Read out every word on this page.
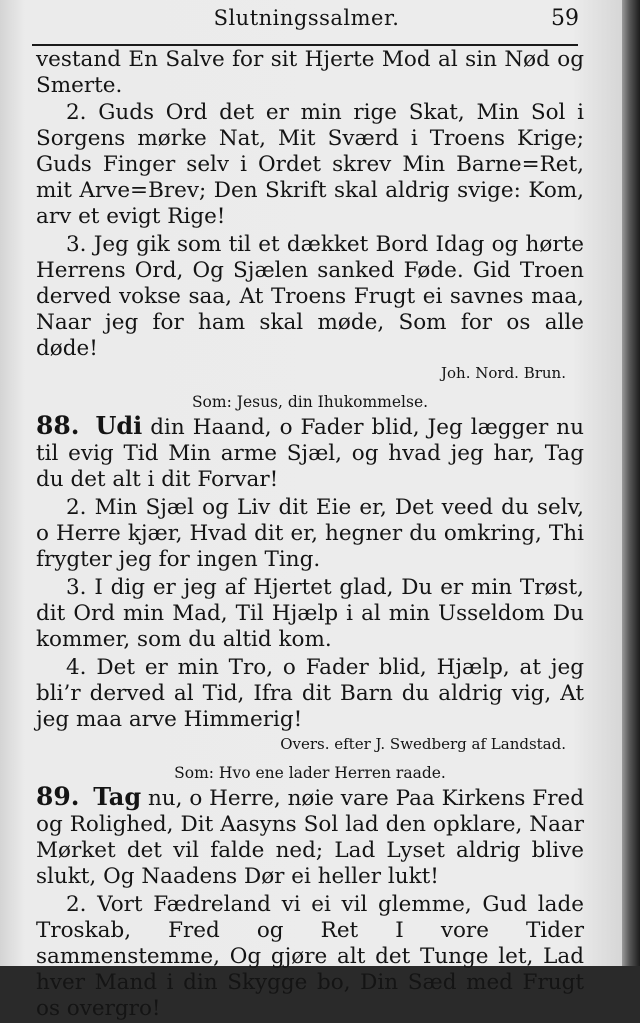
Slutningssalmer.	59

vestand En Salve for sit Hjerte Mod al sin Nød og Smerte.

2. Guds Ord det er min rige Skat, Min Sol i Sorgens mørke Nat, Mit Sværd i Troens Krige; Guds Finger selv i Ordet skrev Min Barne=Ret, mit Arve=Brev; Den Skrift skal aldrig svige: Kom, arv et evigt Rige!

3. Jeg gik som til et dækket Bord Idag og hørte Herrens Ord, Og Sjælen sanked Føde. Gid Troen derved vokse saa, At Troens Frugt ei savnes maa, Naar jeg for ham skal møde, Som for os alle døde!

Joh. Nord. Brun.
Som: Jesus, din Ihukommelse.

88. Udi din Haand, o Fader blid, Jeg lægger nu til evig Tid Min arme Sjæl, og hvad jeg har, Tag du det alt i dit Forvar!

2. Min Sjæl og Liv dit Eie er, Det veed du selv, o Herre kjær, Hvad dit er, hegner du omkring, Thi frygter jeg for ingen Ting.

3. I dig er jeg af Hjertet glad, Du er min Trøst, dit Ord min Mad, Til Hjælp i al min Usseldom Du kommer, som du altid kom.

4. Det er min Tro, o Fader blid, Hjælp, at jeg bli’r derved al Tid, Ifra dit Barn du aldrig vig, At jeg maa arve Himmerig!

Overs. efter J. Swedberg af Landstad.
Som: Hvo ene lader Herren raade.

89. Tag nu, o Herre, nøie vare Paa Kirkens Fred og Rolighed, Dit Aasyns Sol lad den opklare, Naar Mørket det vil falde ned; Lad Lyset aldrig blive slukt, Og Naadens Dør ei heller lukt!

2. Vort Fædreland vi ei vil glemme, Gud lade Troskab, Fred og Ret I vore Tider sammenstemme, Og gjøre alt det Tunge let, Lad hver Mand i din Skygge bo, Din Sæd med Frugt os overgro!
